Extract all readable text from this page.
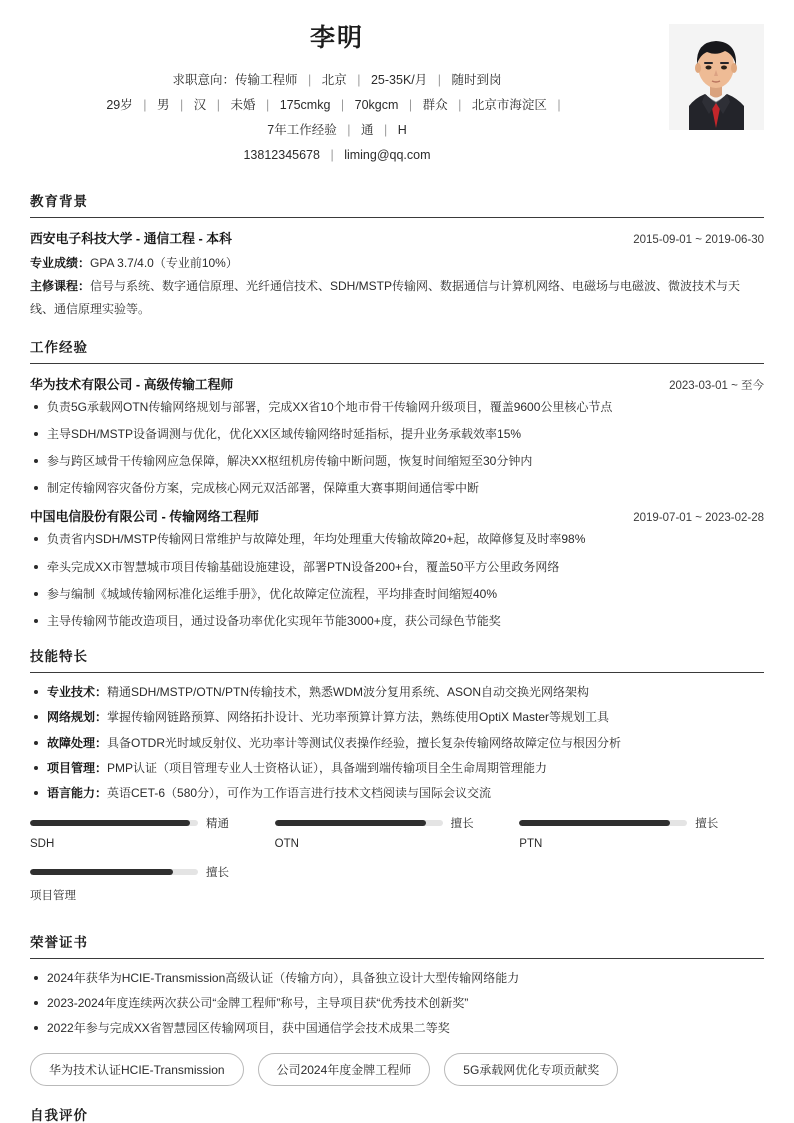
李明
求职意向：传输工程师 | 北京 | 25-35K/月 | 随时到岗
29岁 | 男 | 汉 | 未婚 | 175cmkg | 70kgcm | 群众 | 北京市海淀区 |
7年工作经验 | 通 | H
13812345678 | liming@qq.com
教育背景
西安电子科技大学 - 通信工程 - 本科	2015-09-01 ~ 2019-06-30
专业成绩：GPA 3.7/4.0（专业前10%）
主修课程：信号与系统、数字通信原理、光纤通信技术、SDH/MSTP传输网、数据通信与计算机网络、电磁场与电磁波、微波技术与天线、通信原理实验等。
工作经验
华为技术有限公司 - 高级传输工程师	2023-03-01 ~ 至今
负责5G承载网OTN传输网络规划与部署，完成XX省10个地市骨干传输网升级项目，覆盖9600公里核心节点
主导SDH/MSTP设备调测与优化，优化XX区域传输网络时延指标，提升业务承载效率15%
参与跨区域骨干传输网应急保障，解决XX枢纽机房传输中断问题，恢复时间缩短至30分钟内
制定传输网容灾备份方案，完成核心网元双活部署，保障重大赛事期间通信零中断
中国电信股份有限公司 - 传输网络工程师	2019-07-01 ~ 2023-02-28
负责省内SDH/MSTP传输网日常维护与故障处理，年均处理重大传输故障20+起，故障修复及时率98%
牵头完成XX市智慧城市项目传输基础设施建设，部署PTN设备200+台，覆盖50平方公里政务网络
参与编制《城域传输网标准化运维手册》，优化故障定位流程，平均排查时间缩短40%
主导传输网节能改造项目，通过设备功率优化实现年节能3000+度，获公司绿色节能奖
技能特长
专业技术：精通SDH/MSTP/OTN/PTN传输技术，熟悉WDM波分复用系统、ASON自动交换光网络架构
网络规划：掌握传输网链路预算、网络拓扑设计、光功率预算计算方法，熟练使用OptiX Master等规划工具
故障处理：具备OTDR光时域反射仪、光功率计等测试仪表操作经验，擅长复杂传输网络故障定位与根因分析
项目管理：PMP认证（项目管理专业人士资格认证），具备端到端传输项目全生命周期管理能力
语言能力：英语CET-6（580分），可作为工作语言进行技术文档阅读与国际会议交流
精通
SDH
擅长
OTN
擅长
PTN
擅长
项目管理
荣誉证书
2024年获华为HCIE-Transmission高级认证（传输方向），具备独立设计大型传输网络能力
2023-2024年度连续两次获公司“金牌工程师”称号，主导项目获“优秀技术创新奖”
2022年参与完成XX省智慧园区传输网项目，获中国通信学会技术成果二等奖
华为技术认证HCIE-Transmission	公司2024年度金牌工程师	5G承载网优化专项贡献奖
自我评价
